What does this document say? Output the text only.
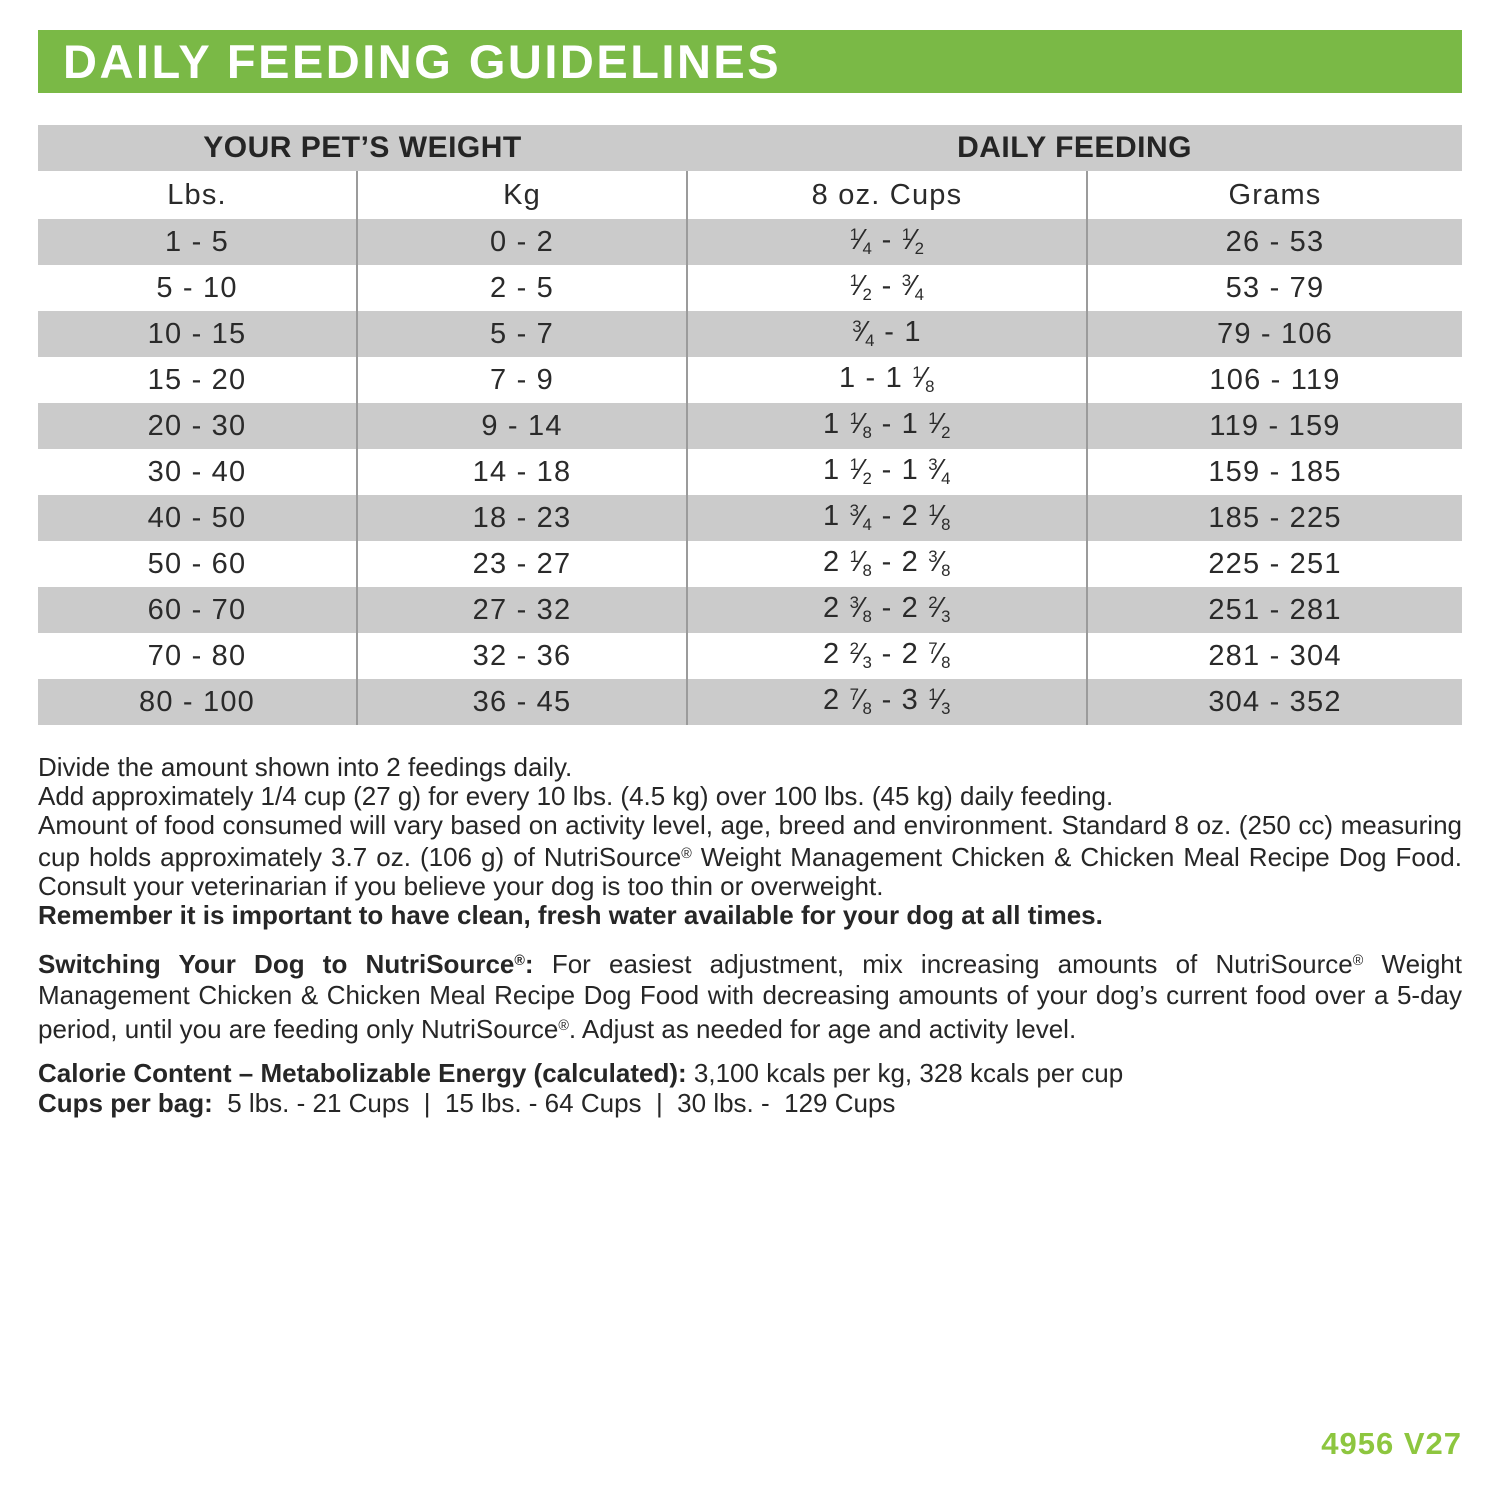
DAILY FEEDING GUIDELINES
YOUR PET’S WEIGHT		DAILY FEEDING	
Lbs.	Kg	8 oz. Cups	Grams
1 - 5	0 - 2	$^1⁄_4$ - $^1⁄_2$	26 - 53
5 - 10	2 - 5	$^1⁄_2$ - $^3⁄_4$	53 - 79
10 - 15	5 - 7	$^3⁄_4 - 1$	79 - 106
15 - 20	7 - 9	1 - 1 $^1⁄_8$	106 - 119
20 - 30	9 - 14	1 $^1⁄_8 - 1$ $^1⁄_2$	119 - 159
30 - 40	14 - 18	1 $^1⁄_2 - 1$ $^3⁄_4$	159 - 185
40 - 50	18 - 23	1 $^3⁄_4 - 2$ $^1⁄_8$	185 - 225
50 - 60	23 - 27	2 $^1⁄_8 - 2$ $^3⁄_8$	225 - 251
60 - 70	27 - 32	2 $^3⁄_8 - 2$ $^2⁄_3$	251 - 281
70 - 80	32 - 36	2 $^2⁄_3 - 2$ $^7⁄_8$	281 - 304
80 - 100	36 - 45	2 $^7⁄_8 - 3$ $^1⁄_3$	304 - 352

Divide the amount shown into 2 feedings daily.

Add approximately 1/4 cup (27 g) for every 10 lbs. (4.5 kg) over 100 lbs. (45 kg) daily feeding.

Amount of food consumed will vary based on activity level, age, breed and environment. Standard 8 oz. (250 cc) measuring cup holds approximately 3.7 oz. (106 g) of NutriSource® Weight Management Chicken & Chicken Meal Recipe Dog Food. Consult your veterinarian if you believe your dog is too thin or overweight.

Remember it is important to have clean, fresh water available for your dog at all times.

Switching Your Dog to NutriSource®: For easiest adjustment, mix increasing amounts of NutriSource® Weight Management Chicken & Chicken Meal Recipe Dog Food with decreasing amounts of your dog’s current food over a 5-day period, until you are feeding only NutriSource®. Adjust as needed for age and activity level.

Calorie Content – Metabolizable Energy (calculated): 3,100 kcals per kg, 328 kcals per cup

Cups per bag:  5 lbs. - 21 Cups  |  15 lbs. - 64 Cups  |  30 lbs. -  129 Cups

4956 V27
